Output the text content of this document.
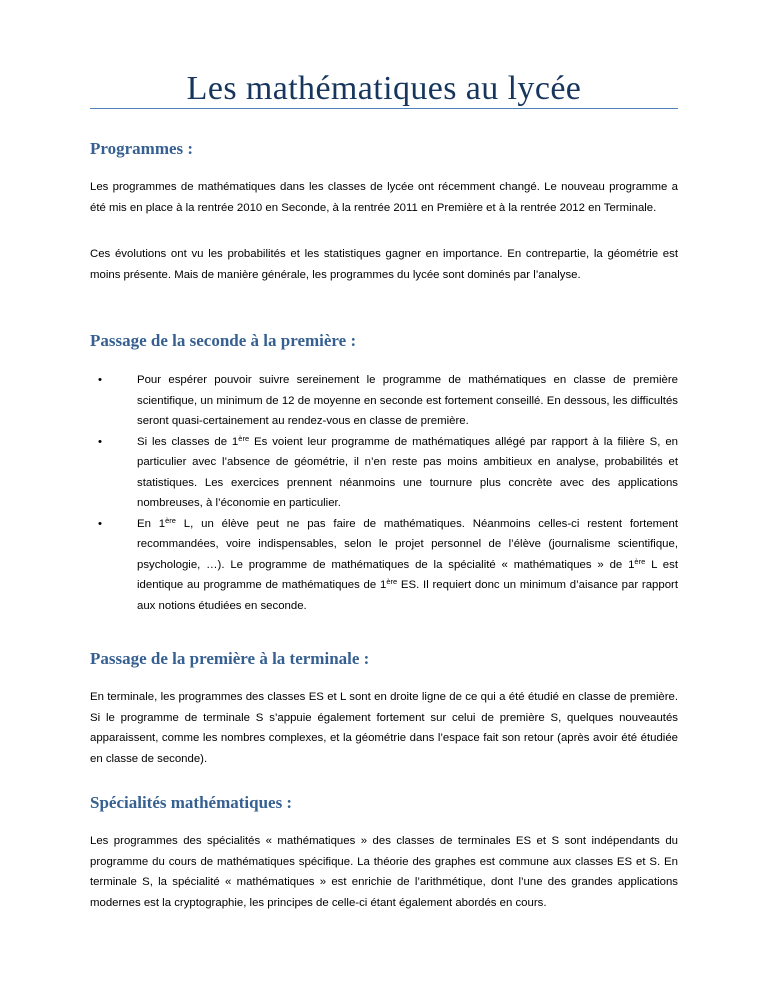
Les mathématiques au lycée
Programmes :

Les programmes de mathématiques dans les classes de lycée ont récemment changé. Le nouveau programme a été mis en place à la rentrée 2010 en Seconde, à la rentrée 2011 en Première et à la rentrée 2012 en Terminale.

Ces évolutions ont vu les probabilités et les statistiques gagner en importance. En contrepartie, la géométrie est moins présente. Mais de manière générale, les programmes du lycée sont dominés par l’analyse.

Passage de la seconde à la première :
•	Pour espérer pouvoir suivre sereinement le programme de mathématiques en classe de première scientifique, un minimum de 12 de moyenne en seconde est fortement conseillé. En dessous, les difficultés seront quasi-certainement au rendez-vous en classe de première.
•	Si les classes de 1ère Es voient leur programme de mathématiques allégé par rapport à la filière S, en particulier avec l’absence de géométrie, il n’en reste pas moins ambitieux en analyse, probabilités et statistiques. Les exercices prennent néanmoins une tournure plus concrète avec des applications nombreuses, à l’économie en particulier.
•	En 1ère L, un élève peut ne pas faire de mathématiques. Néanmoins celles-ci restent fortement recommandées, voire indispensables, selon le projet personnel de l’élève (journalisme scientifique, psychologie, …). Le programme de mathématiques de la spécialité « mathématiques » de 1ère L est identique au programme de mathématiques de 1ère ES. Il requiert donc un minimum d’aisance par rapport aux notions étudiées en seconde.
Passage de la première à la terminale :

En terminale, les programmes des classes ES et L sont en droite ligne de ce qui a été étudié en classe de première. Si le programme de terminale S s’appuie également fortement sur celui de première S, quelques nouveautés apparaissent, comme les nombres complexes, et la géométrie dans l’espace fait son retour (après avoir été étudiée en classe de seconde).

Spécialités mathématiques :

Les programmes des spécialités « mathématiques » des classes de terminales ES et S sont indépendants du programme du cours de mathématiques spécifique. La théorie des graphes est commune aux classes ES et S. En terminale S, la spécialité « mathématiques » est enrichie de l’arithmétique, dont l’une des grandes applications modernes est la cryptographie, les principes de celle-ci étant également abordés en cours.
